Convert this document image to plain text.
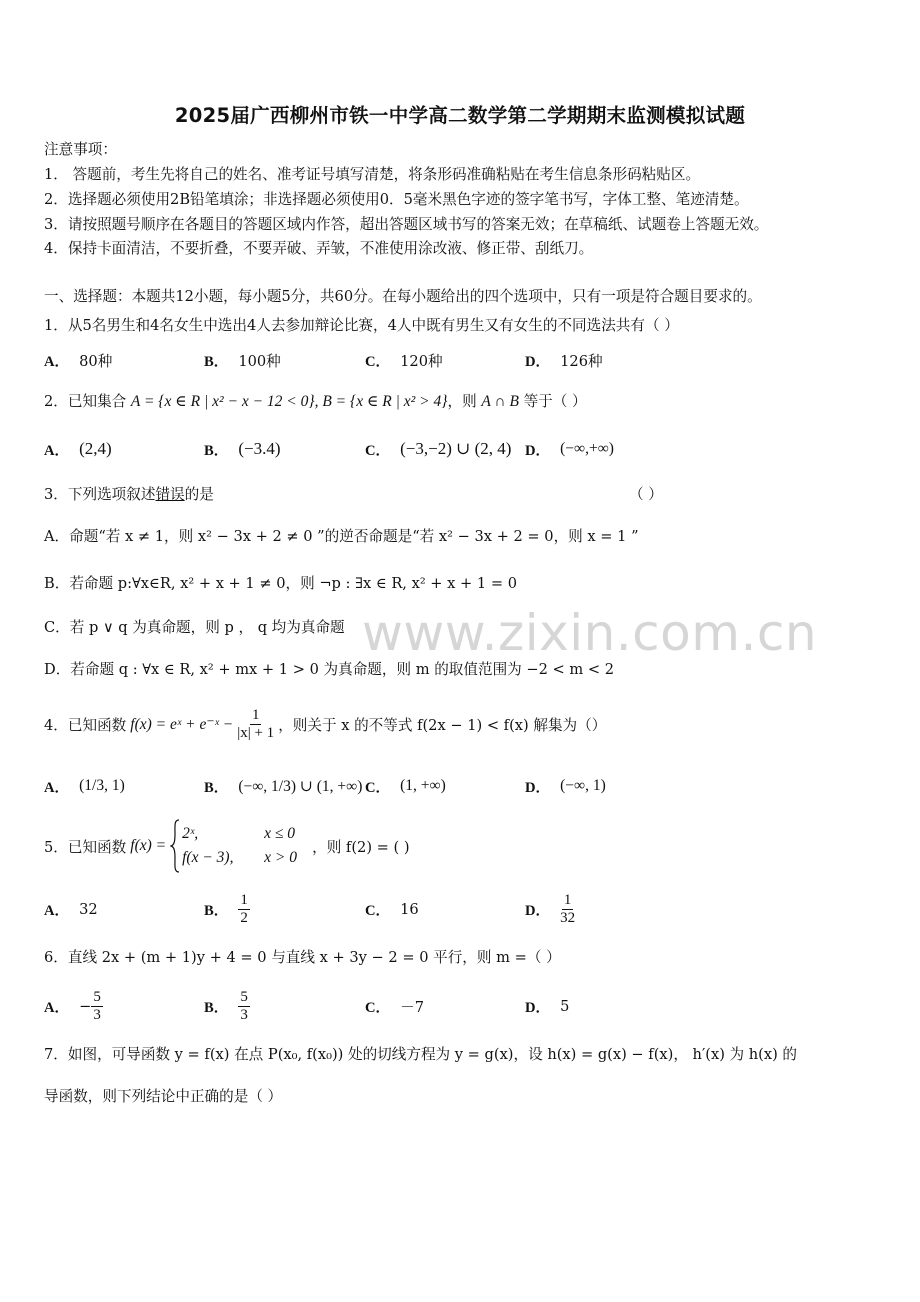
2025届广西柳州市铁一中学高二数学第二学期期末监测模拟试题
注意事项：
1． 答题前，考生先将自己的姓名、准考证号填写清楚，将条形码准确粘贴在考生信息条形码粘贴区。
2．选择题必须使用2B铅笔填涂；非选择题必须使用0．5毫米黑色字迹的签字笔书写，字体工整、笔迹清楚。
3．请按照题号顺序在各题目的答题区域内作答，超出答题区域书写的答案无效；在草稿纸、试题卷上答题无效。
4．保持卡面清洁，不要折叠，不要弄破、弄皱，不准使用涂改液、修正带、刮纸刀。
一、选择题：本题共12小题，每小题5分，共60分。在每小题给出的四个选项中，只有一项是符合题目要求的。
1．从5名男生和4名女生中选出4人去参加辩论比赛，4人中既有男生又有女生的不同选法共有（ ）
A． 80种	B． 100种	C． 120种	D． 126种
2．已知集合 A = {x ∈ R | x² − x − 12 < 0}, B = {x ∈ R | x² > 4}，则 A ∩ B 等于（ ）
A． (2,4)	B． (−3.4)	C． (−3,−2) ∪ (2, 4) D． (−∞,+∞)
3．下列选项叙述错误的是	（ ）
A．命题“若 x ≠ 1，则 x² − 3x + 2 ≠ 0 ”的逆否命题是“若 x² − 3x + 2 = 0，则 x = 1 ”
B．若命题 p:∀x∈R, x² + x + 1 ≠ 0，则 ¬p : ∃x ∈ R, x² + x + 1 = 0
C．若 p ∨ q 为真命题，则 p ， q 均为真命题
D．若命题 q : ∀x ∈ R, x² + mx + 1 > 0 为真命题，则 m 的取值范围为 −2 < m < 2
4．已知函数 f(x) = eˣ + e⁻ˣ − $\frac{1}{|x| + 1}$ ，则关于 x 的不等式 f(2x − 1) < f(x) 解集为（）
A． (1/3, 1)	B． (−∞, 1/3) ∪ (1, +∞) C． (1, +∞)	D． (−∞, 1)
5．已知函数 f(x) =
2ˣ,	x ≤ 0
f(x − 3),	x > 0
，则 f(2) = ( )
A． 32	B． $\frac{1}{2}$	C． 16	D． $\frac{1}{32}$
6．直线 2x + (m + 1)y + 4 = 0 与直线 x + 3y − 2 = 0 平行，则 m =（ ）
A． − $\frac{5}{3}$	B． $\frac{5}{3}$	C． －7	D． 5
7．如图，可导函数 y = f(x) 在点 P(x₀, f(x₀)) 处的切线方程为 y = g(x)，设 h(x) = g(x) − f(x)， h′(x) 为 h(x) 的
导函数，则下列结论中正确的是（ ）
www.zixin.com.cn
